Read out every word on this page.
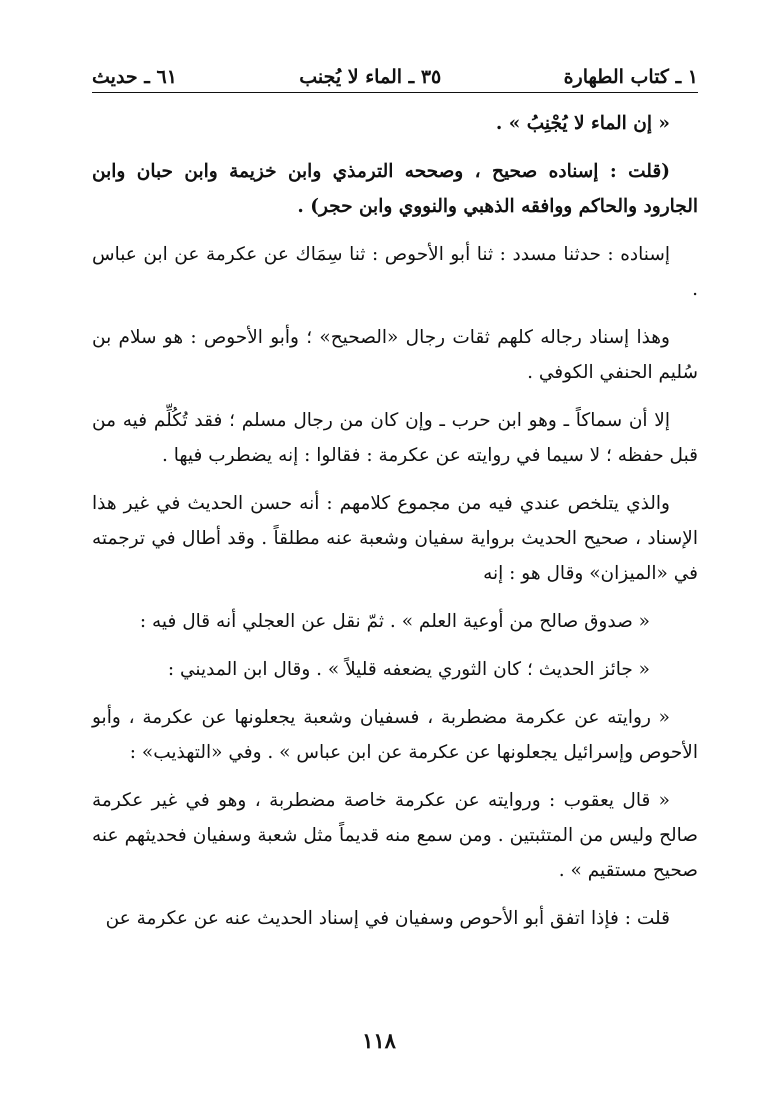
١ ـ كتاب الطهارة
٣٥ ـ الماء لا يُجنب
٦١ ـ حديث

« إن الماء لا يُجْنِبُ » .

(قلت : إسناده صحيح ، وصححه الترمذي وابن خزيمة وابن حبان وابن الجارود والحاكم ووافقه الذهبي والنووي وابن حجر) .

إسناده : حدثنا مسدد : ثنا أبو الأحوص : ثنا سِمَاك عن عكرمة عن ابن عباس .

وهذا إسناد رجاله كلهم ثقات رجال «الصحيح» ؛ وأبو الأحوص : هو سلام بن سُليم الحنفي الكوفي .

إلا أن سماكاً ـ وهو ابن حرب ـ وإن كان من رجال مسلم ؛ فقد تُكُلِّم فيه من قبل حفظه ؛ لا سيما في روايته عن عكرمة : فقالوا : إنه يضطرب فيها .

والذي يتلخص عندي فيه من مجموع كلامهم : أنه حسن الحديث في غير هذا الإسناد ، صحيح الحديث برواية سفيان وشعبة عنه مطلقاً . وقد أطال في ترجمته في «الميزان» وقال هو : إنه

« صدوق صالح من أوعية العلم » . ثمّ نقل عن العجلي أنه قال فيه :

« جائز الحديث ؛ كان الثوري يضعفه قليلاً » . وقال ابن المديني :

« روايته عن عكرمة مضطربة ، فسفيان وشعبة يجعلونها عن عكرمة ، وأبو الأحوص وإسرائيل يجعلونها عن عكرمة عن ابن عباس » . وفي «التهذيب» :

« قال يعقوب : وروايته عن عكرمة خاصة مضطربة ، وهو في غير عكرمة صالح وليس من المتثبتين . ومن سمع منه قديماً مثل شعبة وسفيان فحديثهم عنه صحيح مستقيم » .

قلت : فإذا اتفق أبو الأحوص وسفيان في إسناد الحديث عنه عن عكرمة عن

١١٨
